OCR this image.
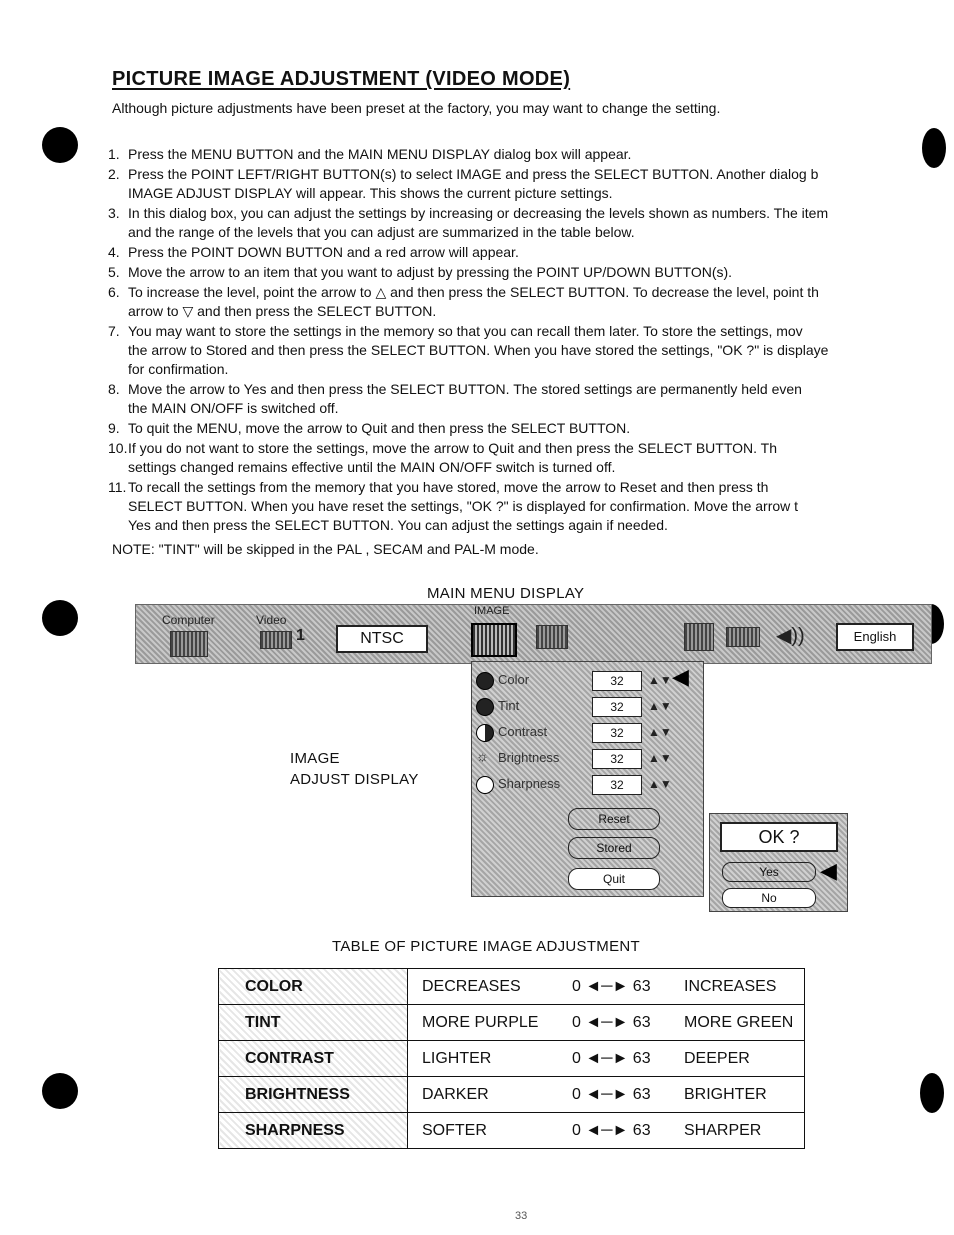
PICTURE IMAGE ADJUSTMENT (VIDEO MODE)
Although picture adjustments have been preset at the factory, you may want to change the setting.
1. Press the MENU BUTTON and the MAIN MENU DISPLAY dialog box will appear.
2. Press the POINT LEFT/RIGHT BUTTON(s) to select IMAGE and press the SELECT BUTTON. Another dialog b
IMAGE ADJUST DISPLAY will appear. This shows the current picture settings.
3. In this dialog box, you can adjust the settings by increasing or decreasing the levels shown as numbers. The item
and the range of the levels that you can adjust are summarized in the table below.
4. Press the POINT DOWN BUTTON and a red arrow will appear.
5. Move the arrow to an item that you want to adjust by pressing the POINT UP/DOWN BUTTON(s).
6. To increase the level, point the arrow to △ and then press the SELECT BUTTON. To decrease the level, point th
arrow to ▽ and then press the SELECT BUTTON.
7. You may want to store the settings in the memory so that you can recall them later. To store the settings, mov
the arrow to Stored and then press the SELECT BUTTON. When you have stored the settings, "OK ?" is displaye
for confirmation.
8. Move the arrow to Yes and then press the SELECT BUTTON. The stored settings are permanently held even
the MAIN ON/OFF is switched off.
9. To quit the MENU, move the arrow to Quit and then press the SELECT BUTTON.
10. If you do not want to store the settings, move the arrow to Quit and then press the SELECT BUTTON. Th
settings changed remains effective until the MAIN ON/OFF switch is turned off.
11. To recall the settings from the memory that you have stored, move the arrow to Reset and then press th
SELECT BUTTON. When you have reset the settings, "OK ?" is displayed for confirmation. Move the arrow t
Yes and then press the SELECT BUTTON. You can adjust the settings again if needed.
NOTE: "TINT" will be skipped in the PAL , SECAM and PAL-M mode.
MAIN MENU DISPLAY
Computer	Video
1	NTSC
IMAGE
◀))	English
IMAGE
ADJUST DISPLAY
Color	32	▲▼ ◀
Tint	32	▲▼
Contrast	32	▲▼
☼ Brightness	32	▲▼
Sharpness	32	▲▼
Reset
Stored
Quit
OK ?
Yes	◀
No
TABLE OF PICTURE IMAGE ADJUSTMENT
COLOR	DECREASES 0 ◄─► 63 INCREASES
TINT	MORE PURPLE 0 ◄─► 63 MORE GREEN
CONTRAST	LIGHTER 0 ◄─► 63 DEEPER
BRIGHTNESS	DARKER 0 ◄─► 63 BRIGHTER
SHARPNESS	SOFTER 0 ◄─► 63 SHARPER
33
